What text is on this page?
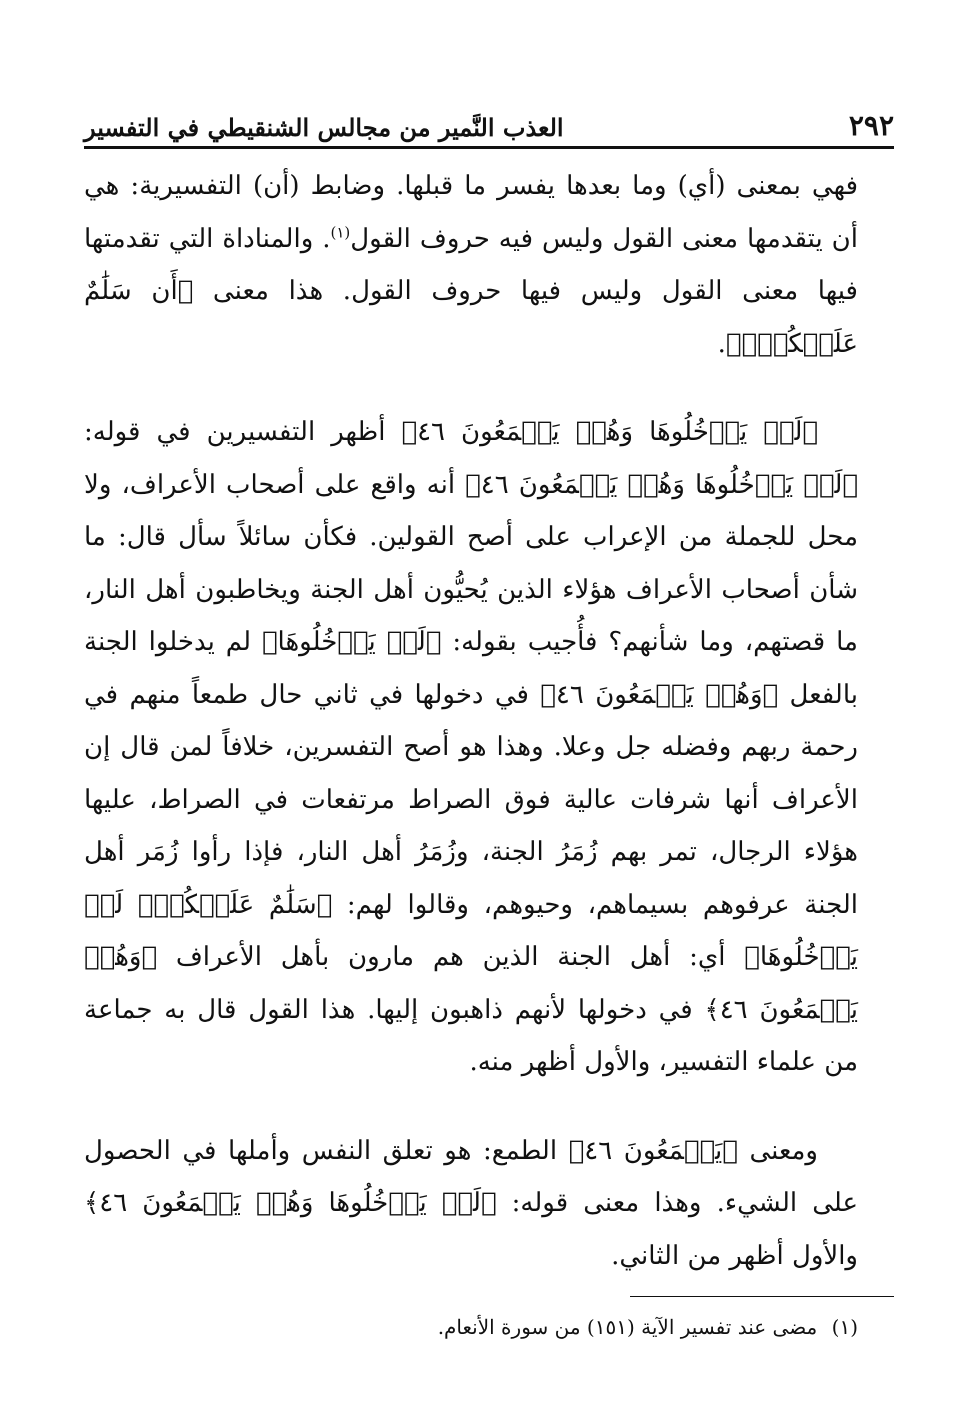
٢٩٢
العذب النَّمير من مجالس الشنقيطي في التفسير

فهي بمعنى (أي) وما بعدها يفسر ما قبلها. وضابط (أن) التفسيرية: هي أن يتقدمها معنى القول وليس فيه حروف القول$^{(١)}$. والمناداة التي تقدمتها فيها معنى القول وليس فيها حروف القول. هذا معنى ﴿أَن سَلَٰمٌ عَلَيۡكُمۡۚ﴾.

﴿لَمۡ يَدۡخُلُوهَا وَهُمۡ يَطۡمَعُونَ ٤٦﴾ أظهر التفسيرين في قوله: ﴿لَمۡ يَدۡخُلُوهَا وَهُمۡ يَطۡمَعُونَ ٤٦﴾ أنه واقع على أصحاب الأعراف، ولا محل للجملة من الإعراب على أصح القولين. فكأن سائلاً سأل قال: ما شأن أصحاب الأعراف هؤلاء الذين يُحيُّون أهل الجنة ويخاطبون أهل النار، ما قصتهم، وما شأنهم؟ فأُجيب بقوله: ﴿لَمۡ يَدۡخُلُوهَا﴾ لم يدخلوا الجنة بالفعل ﴿وَهُمۡ يَطۡمَعُونَ ٤٦﴾ في دخولها في ثاني حال طمعاً منهم في رحمة ربهم وفضله جل وعلا. وهذا هو أصح التفسرين، خلافاً لمن قال إن الأعراف أنها شرفات عالية فوق الصراط مرتفعات في الصراط، عليها هؤلاء الرجال، تمر بهم زُمَرُ الجنة، وزُمَرُ أهل النار، فإذا رأوا زُمَر أهل الجنة عرفوهم بسيماهم، وحيوهم، وقالوا لهم: ﴿سَلَٰمٌ عَلَيۡكُمۡۚ لَمۡ يَدۡخُلُوهَا﴾ أي: أهل الجنة الذين هم مارون بأهل الأعراف ﴿وَهُمۡ يَطۡمَعُونَ ٤٦﴾ في دخولها لأنهم ذاهبون إليها. هذا القول قال به جماعة من علماء التفسير، والأول أظهر منه.

ومعنى ﴿يَطۡمَعُونَ ٤٦﴾ الطمع: هو تعلق النفس وأملها في الحصول على الشيء. وهذا معنى قوله: ﴿لَمۡ يَدۡخُلُوهَا وَهُمۡ يَطۡمَعُونَ ٤٦﴾ والأول أظهر من الثاني.

(١) مضى عند تفسير الآية (١٥١) من سورة الأنعام.
